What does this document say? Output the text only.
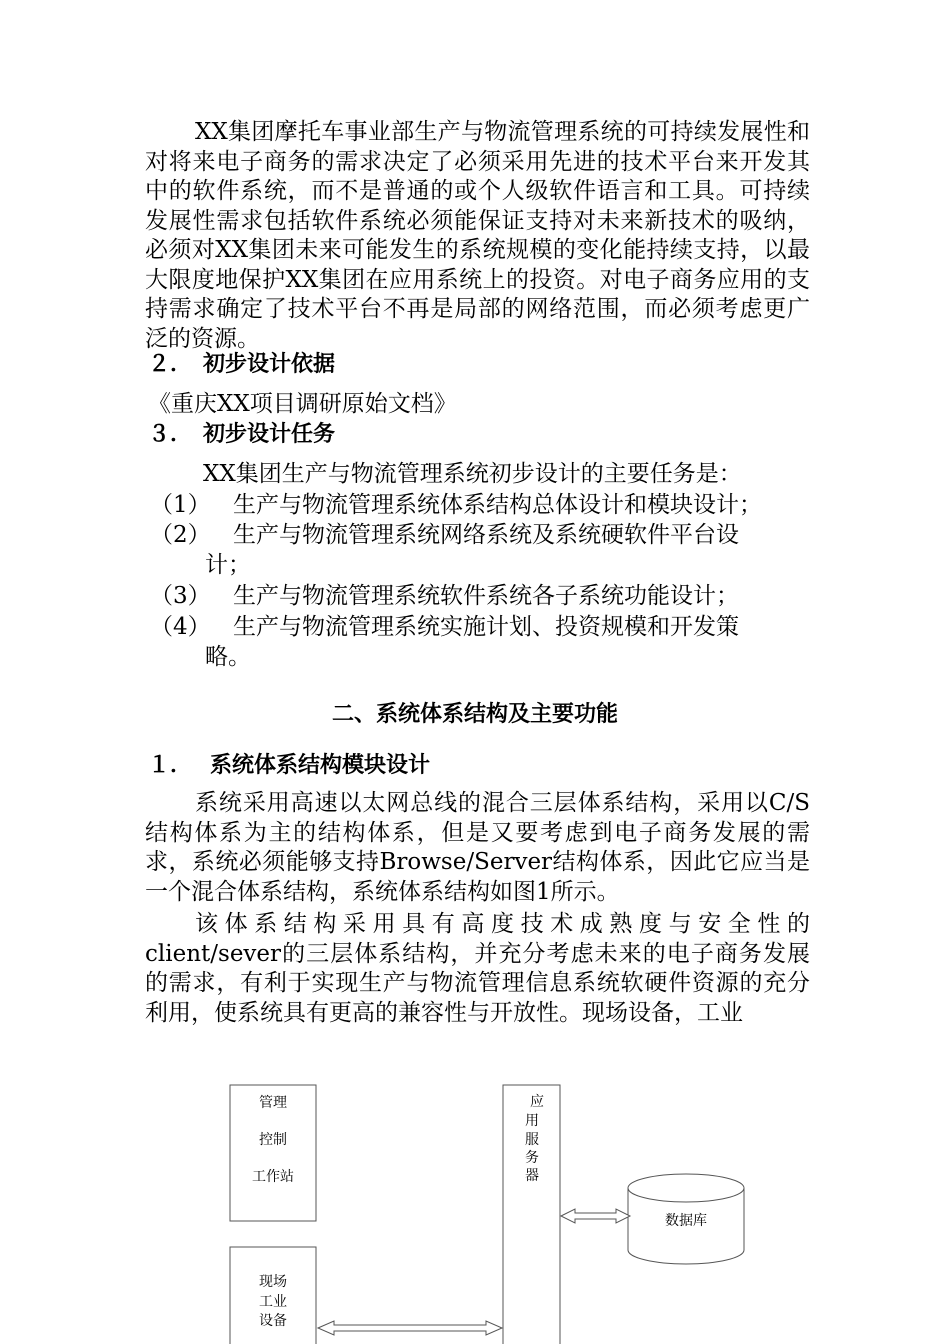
XX集团摩托车事业部生产与物流管理系统的可持续发展性和对将来电子商务的需求决定了必须采用先进的技术平台来开发其中的软件系统，而不是普通的或个人级软件语言和工具。可持续发展性需求包括软件系统必须能保证支持对未来新技术的吸纳，必须对XX集团未来可能发生的系统规模的变化能持续支持，以最大限度地保护XX集团在应用系统上的投资。对电子商务应用的支持需求确定了技术平台不再是局部的网络范围，而必须考虑更广泛的资源。
２． 初步设计依据
《重庆XX项目调研原始文档》
３． 初步设计任务
XX集团生产与物流管理系统初步设计的主要任务是：
（1） 生产与物流管理系统体系结构总体设计和模块设计；
（2） 生产与物流管理系统网络系统及系统硬软件平台设
计；
（3） 生产与物流管理系统软件系统各子系统功能设计；
（4） 生产与物流管理系统实施计划、投资规模和开发策
略。
二、系统体系结构及主要功能
１． 系统体系结构模块设计
系统采用高速以太网总线的混合三层体系结构，采用以C/S结构体系为主的结构体系，但是又要考虑到电子商务发展的需求，系统必须能够支持Browse/Server结构体系，因此它应当是一个混合体系结构，系统体系结构如图1所示。
该体系结构采用具有高度技术成熟度与安全性的client/sever的三层体系结构，并充分考虑未来的电子商务发展的需求，有利于实现生产与物流管理信息系统软硬件资源的充分利用，使系统具有更高的兼容性与开放性。现场设备，工业
管理
控制
工作站
应
用
服
务
器
数据库
现场
工业
设备
